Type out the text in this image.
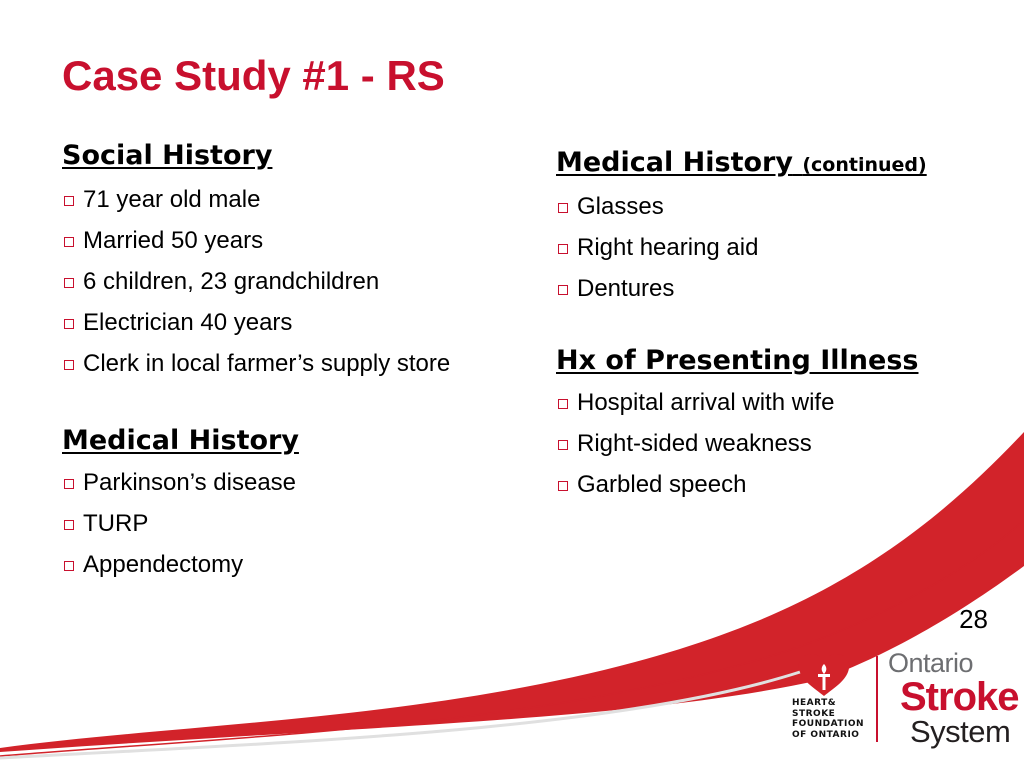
Case Study #1 - RS
Social History
71 year old male
Married 50 years
6 children, 23 grandchildren
Electrician 40 years
Clerk in local farmer’s supply store
Medical History
Parkinson’s disease
TURP
Appendectomy
Medical History (continued)
Glasses
Right hearing aid
Dentures
Hx of Presenting Illness
Hospital arrival with wife
Right-sided weakness
Garbled speech

28

HEART&
STROKE
FOUNDATION
OF ONTARIO
Ontario
Stroke
System
